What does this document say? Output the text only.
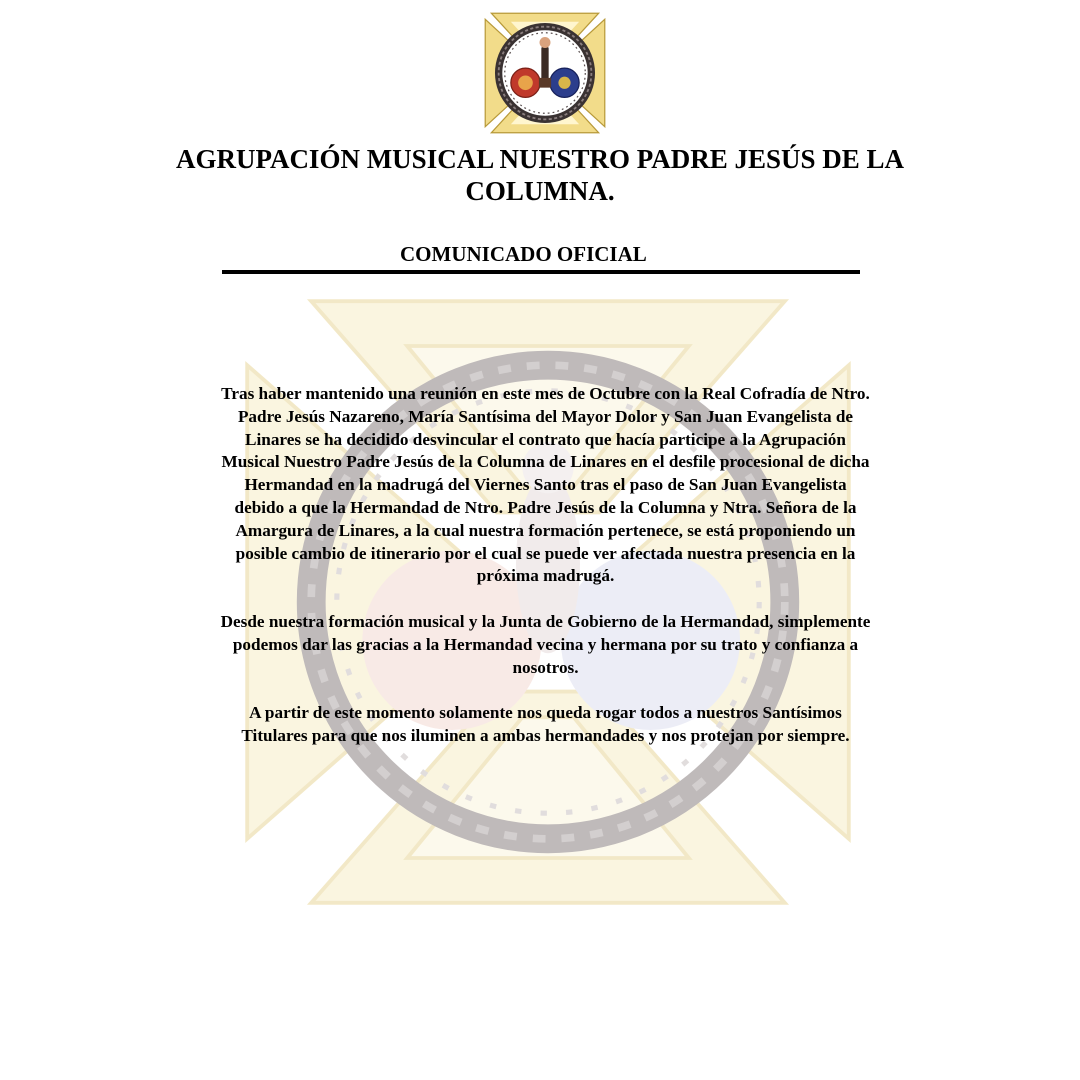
AGRUPACIÓN MUSICAL NUESTRO PADRE JESÚS DE LA COLUMNA.
COMUNICADO OFICIAL

Tras haber mantenido una reunión en este mes de Octubre con la Real Cofradía de Ntro. Padre Jesús Nazareno, María Santísima del Mayor Dolor y San Juan Evangelista de Linares se ha decidido desvincular el contrato que hacía participe a la Agrupación Musical Nuestro Padre Jesús de la Columna de Linares en el desfile procesional de dicha Hermandad en la madrugá del Viernes Santo tras el paso de San Juan Evangelista debido a que la Hermandad de Ntro. Padre Jesús de la Columna y Ntra. Señora de la Amargura de Linares, a la cual nuestra formación pertenece, se está proponiendo un posible cambio de itinerario por el cual se puede ver afectada nuestra presencia en la próxima madrugá.

Desde nuestra formación musical y la Junta de Gobierno de la Hermandad, simplemente podemos dar las gracias a la Hermandad vecina y hermana por su trato y confianza a nosotros.

A partir de este momento solamente nos queda rogar todos a nuestros Santísimos Titulares para que nos iluminen a ambas hermandades y nos protejan por siempre.
